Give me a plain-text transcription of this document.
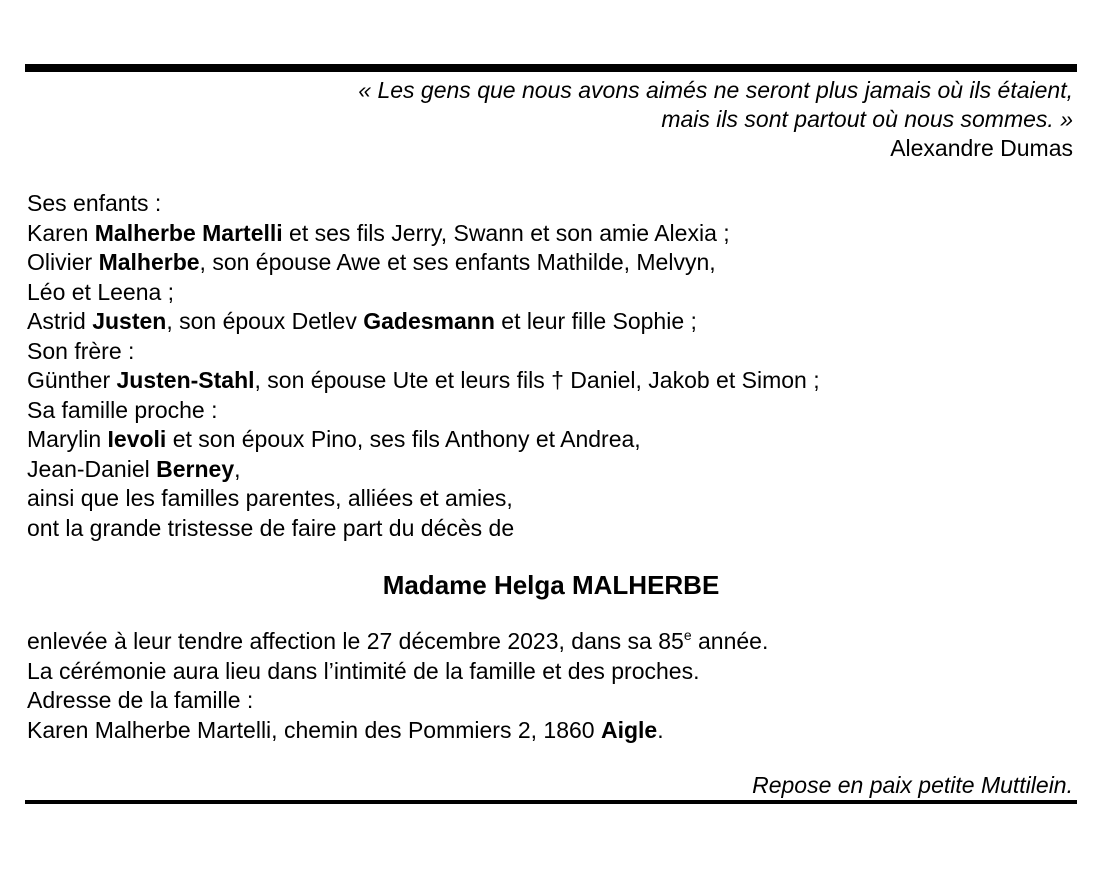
« Les gens que nous avons aimés ne seront plus jamais où ils étaient,
mais ils sont partout où nous sommes. »
Alexandre Dumas
Ses enfants :
Karen Malherbe Martelli et ses fils Jerry, Swann et son amie Alexia ;
Olivier Malherbe, son épouse Awe et ses enfants Mathilde, Melvyn,
Léo et Leena ;
Astrid Justen, son époux Detlev Gadesmann et leur fille Sophie ;
Son frère :
Günther Justen-Stahl, son épouse Ute et leurs fils † Daniel, Jakob et Simon ;
Sa famille proche :
Marylin Ievoli et son époux Pino, ses fils Anthony et Andrea,
Jean-Daniel Berney,
ainsi que les familles parentes, alliées et amies,
ont la grande tristesse de faire part du décès de
Madame Helga MALHERBE
enlevée à leur tendre affection le 27 décembre 2023, dans sa 85e année.
La cérémonie aura lieu dans l’intimité de la famille et des proches.
Adresse de la famille :
Karen Malherbe Martelli, chemin des Pommiers 2, 1860 Aigle.
Repose en paix petite Muttilein.
